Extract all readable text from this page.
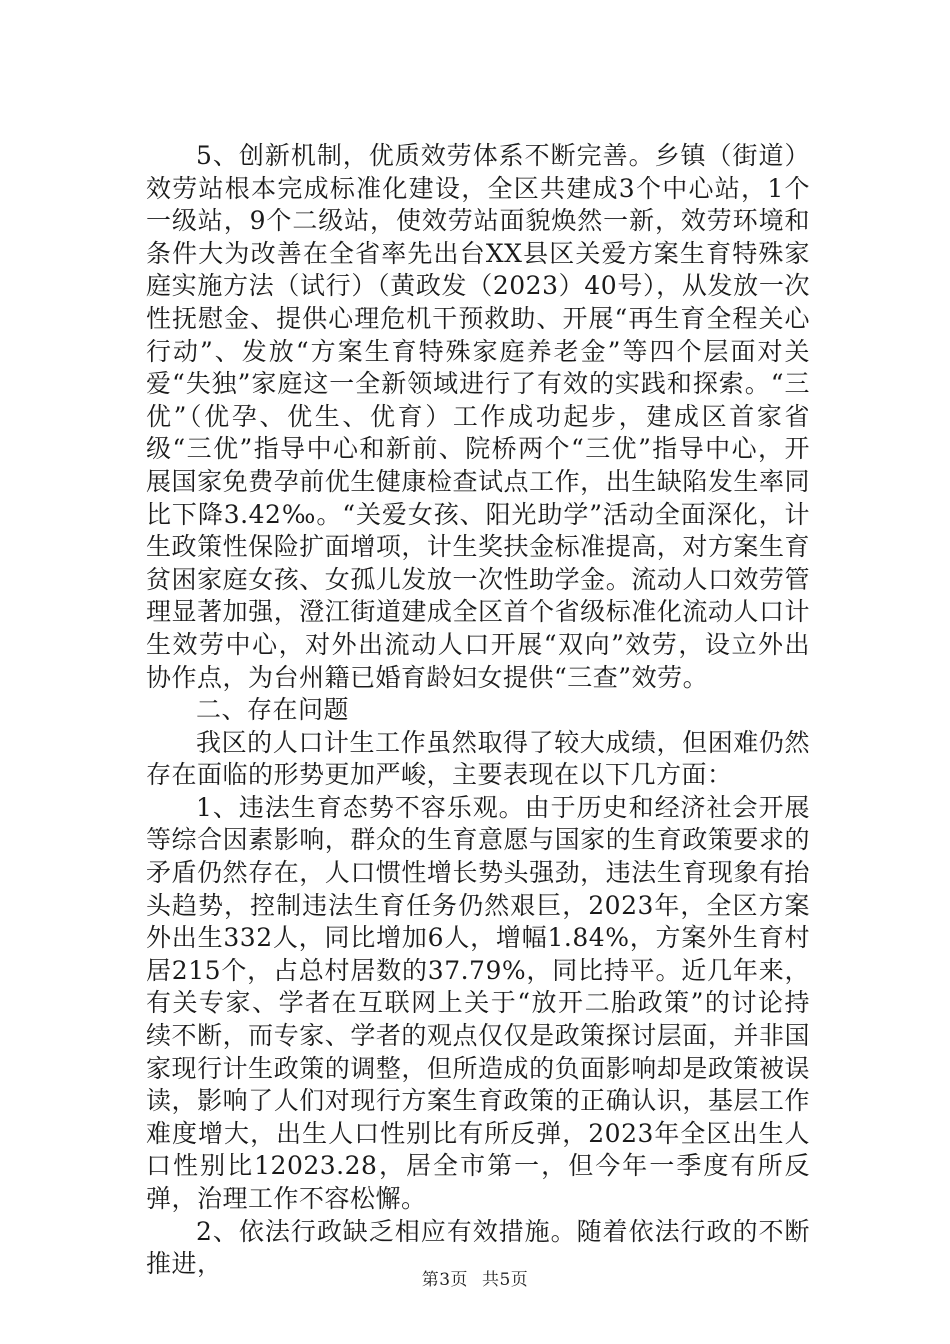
5、创新机制，优质效劳体系不断完善。乡镇（街道）效劳站根本完成标准化建设，全区共建成3个中心站，1个一级站，9个二级站，使效劳站面貌焕然一新，效劳环境和条件大为改善在全省率先出台XX县区关爱方案生育特殊家庭实施方法（试行）（黄政发（2023）40号），从发放一次性抚慰金、提供心理危机干预救助、开展“再生育全程关心行动”、发放“方案生育特殊家庭养老金”等四个层面对关爱“失独”家庭这一全新领域进行了有效的实践和探索。“三优”（优孕、优生、优育）工作成功起步，建成区首家省级“三优”指导中心和新前、院桥两个“三优”指导中心，开展国家免费孕前优生健康检查试点工作，出生缺陷发生率同比下降3.42‰。“关爱女孩、阳光助学”活动全面深化，计生政策性保险扩面增项，计生奖扶金标准提高，对方案生育贫困家庭女孩、女孤儿发放一次性助学金。流动人口效劳管理显著加强，澄江街道建成全区首个省级标准化流动人口计生效劳中心，对外出流动人口开展“双向”效劳，设立外出协作点，为台州籍已婚育龄妇女提供“三查”效劳。

二、存在问题

我区的人口计生工作虽然取得了较大成绩，但困难仍然存在面临的形势更加严峻，主要表现在以下几方面：

1、违法生育态势不容乐观。由于历史和经济社会开展等综合因素影响，群众的生育意愿与国家的生育政策要求的矛盾仍然存在，人口惯性增长势头强劲，违法生育现象有抬头趋势，控制违法生育任务仍然艰巨，2023年，全区方案外出生332人，同比增加6人，增幅1.84%，方案外生育村居215个，占总村居数的37.79%，同比持平。近几年来，有关专家、学者在互联网上关于“放开二胎政策”的讨论持续不断，而专家、学者的观点仅仅是政策探讨层面，并非国家现行计生政策的调整，但所造成的负面影响却是政策被误读，影响了人们对现行方案生育政策的正确认识，基层工作难度增大，出生人口性别比有所反弹，2023年全区出生人口性别比12023.28，居全市第一，但今年一季度有所反弹，治理工作不容松懈。

2、依法行政缺乏相应有效措施。随着依法行政的不断推进，

第3页 共5页
